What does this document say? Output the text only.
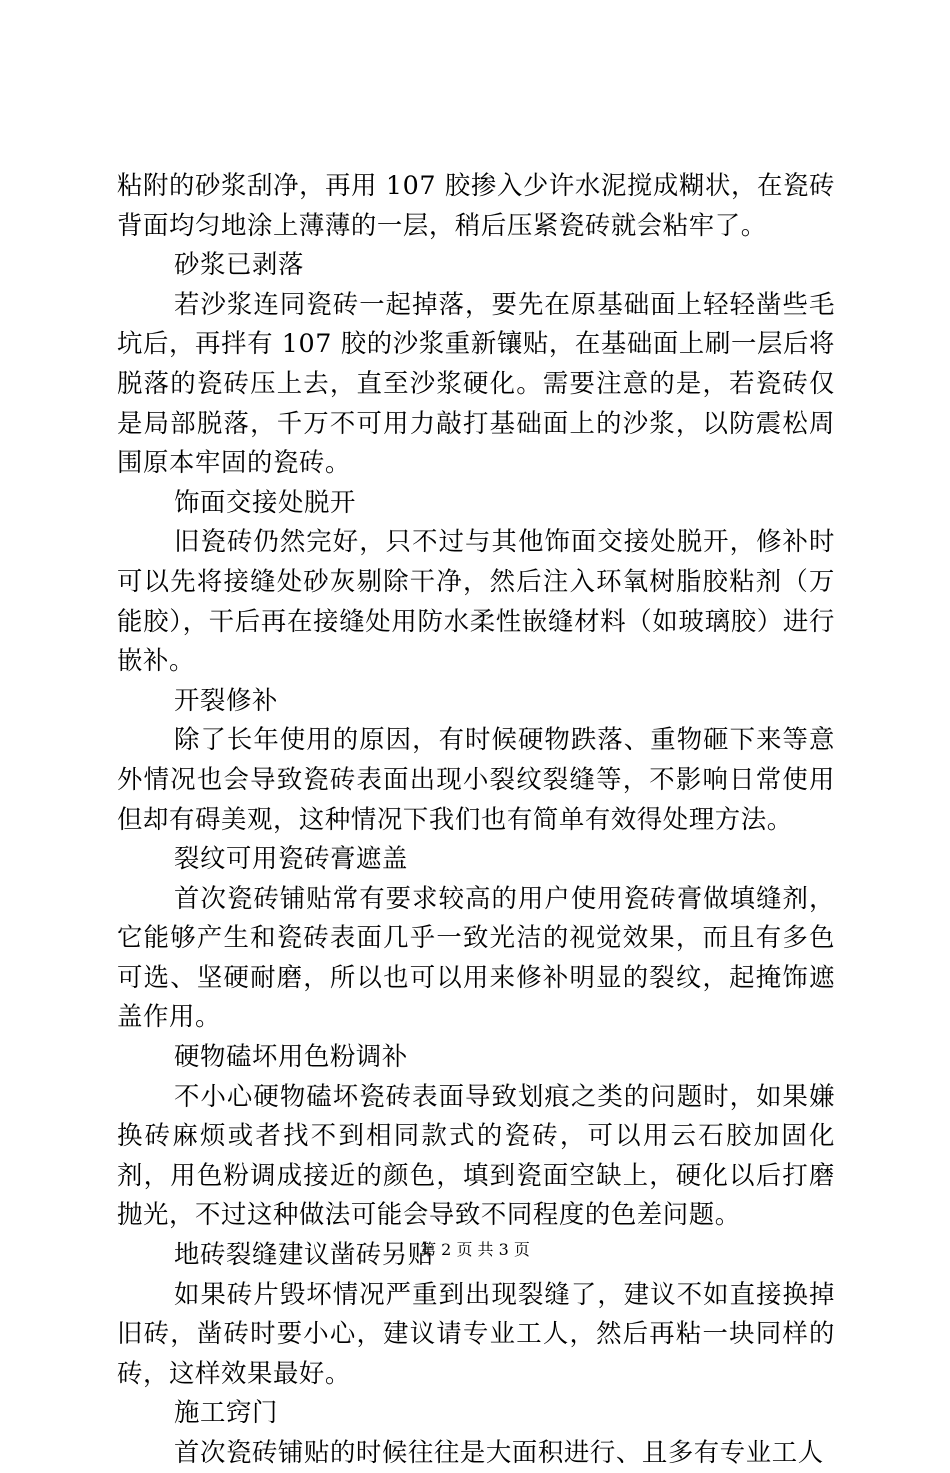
粘附的砂浆刮净，再用 107 胶掺入少许水泥搅成糊状，在瓷砖背面均匀地涂上薄薄的一层，稍后压紧瓷砖就会粘牢了。

砂浆已剥落

若沙浆连同瓷砖一起掉落，要先在原基础面上轻轻凿些毛坑后，再拌有 107 胶的沙浆重新镶贴，在基础面上刷一层后将脱落的瓷砖压上去，直至沙浆硬化。需要注意的是，若瓷砖仅是局部脱落，千万不可用力敲打基础面上的沙浆，以防震松周围原本牢固的瓷砖。

饰面交接处脱开

旧瓷砖仍然完好，只不过与其他饰面交接处脱开，修补时可以先将接缝处砂灰剔除干净，然后注入环氧树脂胶粘剂（万能胶），干后再在接缝处用防水柔性嵌缝材料（如玻璃胶）进行嵌补。

开裂修补

除了长年使用的原因，有时候硬物跌落、重物砸下来等意外情况也会导致瓷砖表面出现小裂纹裂缝等，不影响日常使用但却有碍美观，这种情况下我们也有简单有效得处理方法。

裂纹可用瓷砖膏遮盖

首次瓷砖铺贴常有要求较高的用户使用瓷砖膏做填缝剂，它能够产生和瓷砖表面几乎一致光洁的视觉效果，而且有多色可选、坚硬耐磨，所以也可以用来修补明显的裂纹，起掩饰遮盖作用。

硬物磕坏用色粉调补

不小心硬物磕坏瓷砖表面导致划痕之类的问题时，如果嫌换砖麻烦或者找不到相同款式的瓷砖，可以用云石胶加固化剂，用色粉调成接近的颜色，填到瓷面空缺上，硬化以后打磨抛光，不过这种做法可能会导致不同程度的色差问题。

地砖裂缝建议凿砖另贴

如果砖片毁坏情况严重到出现裂缝了，建议不如直接换掉旧砖，凿砖时要小心，建议请专业工人，然后再粘一块同样的砖，这样效果最好。

施工窍门

首次瓷砖铺贴的时候往往是大面积进行、且多有专业工人

第 2 页 共 3 页
